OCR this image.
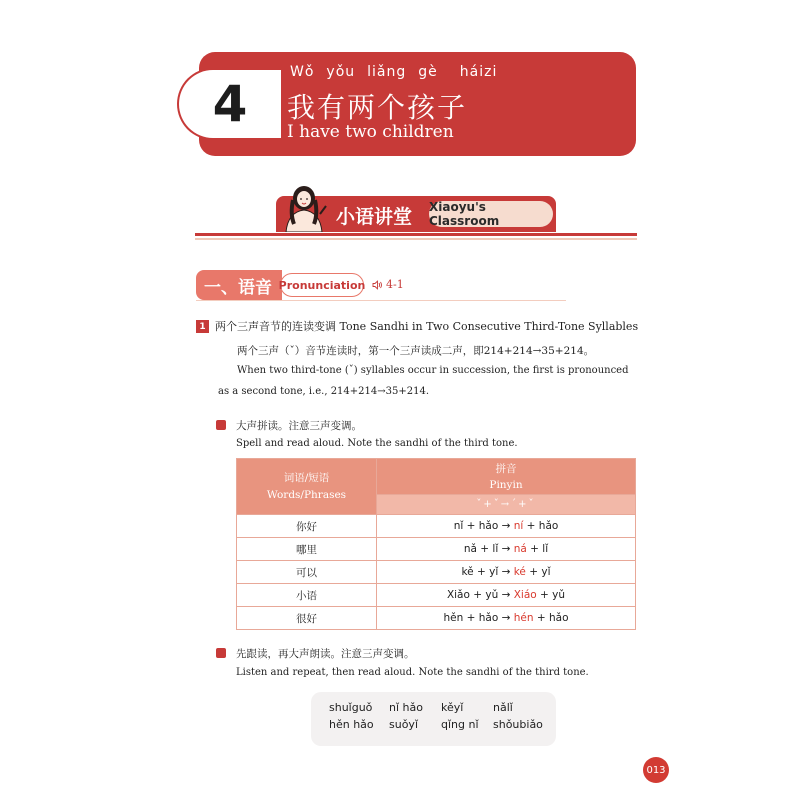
4
Wǒ yǒu liǎng gè háizi
我有两个孩子
I have two children
小语讲堂 Xiaoyu's Classroom
一、语音 Pronunciation 4-1
1 两个三声音节的连读变调 Tone Sandhi in Two Consecutive Third-Tone Syllables
两个三声（ˇ）音节连读时，第一个三声读成二声，即214+214→35+214。
When two third-tone (ˇ) syllables occur in succession, the first is pronounced as a second tone, i.e., 214+214→35+214.
大声拼读。注意三声变调。
Spell and read aloud. Note the sandhi of the third tone.
词语/短语
Words/Phrases	拼音
Pinyin
	ˇ+ˇ→ˊ+ˇ
你好	nǐ + hǎo → ní + hǎo
哪里	nǎ + lǐ → ná + lǐ
可以	kě + yǐ → ké + yǐ
小语	Xiǎo + yǔ → Xiáo + yǔ
很好	hěn + hǎo → hén + hǎo
先跟读，再大声朗读。注意三声变调。
Listen and repeat, then read aloud. Note the sandhi of the third tone.
shuǐguǒ	nǐ hǎo	kěyǐ	nǎlǐ
hěn hǎo	suǒyǐ	qǐng nǐ	shǒubiǎo
013
